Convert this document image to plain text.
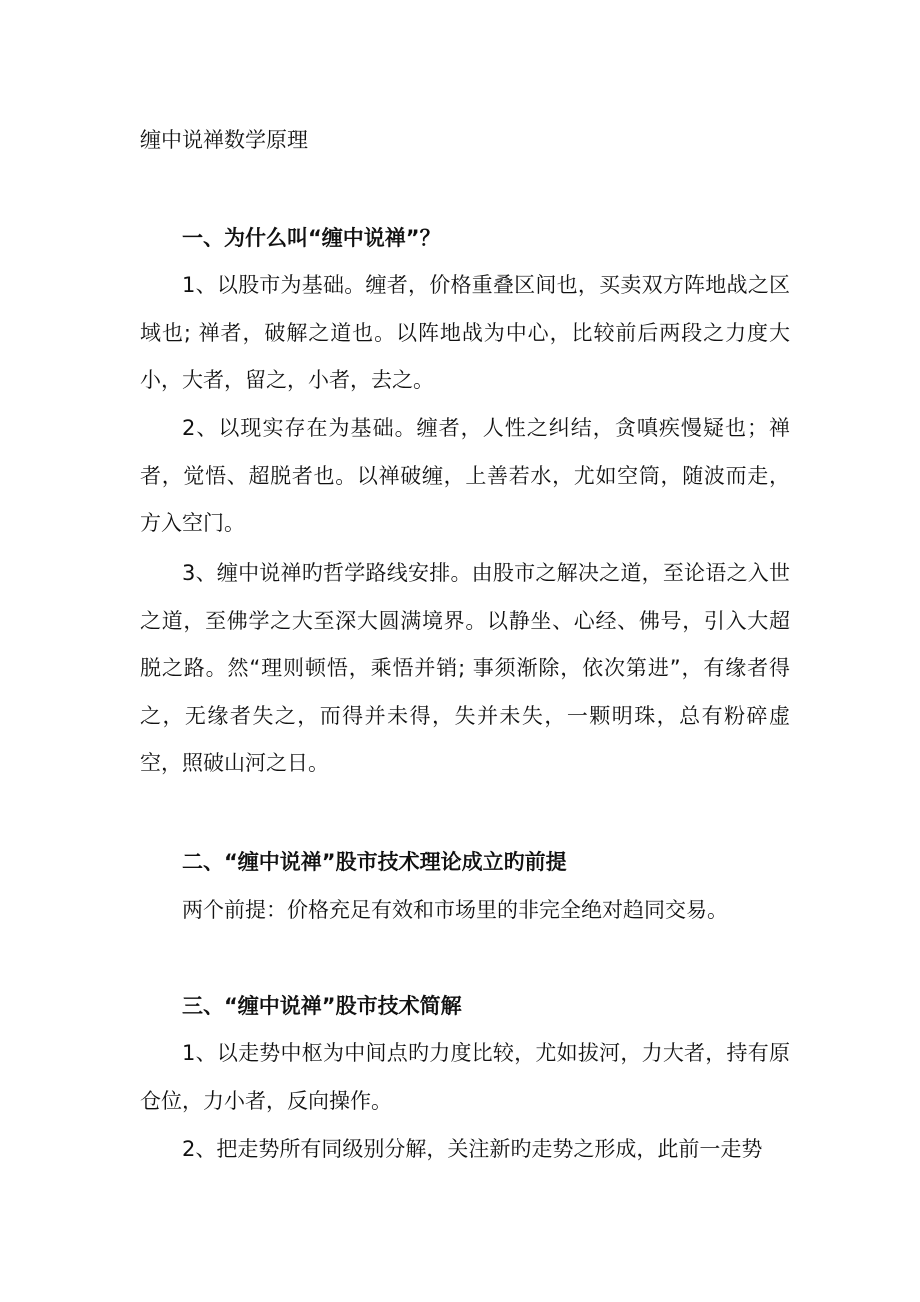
缠中说禅数学原理
一、为什么叫“缠中说禅”？
1、以股市为基础。缠者，价格重叠区间也，买卖双方阵地战之区域也; 禅者，破解之道也。以阵地战为中心，比较前后两段之力度大小，大者，留之，小者，去之。
2、以现实存在为基础。缠者，人性之纠结，贪嗔疾慢疑也；禅者，觉悟、超脱者也。以禅破缠，上善若水，尤如空筒，随波而走，方入空门。
3、缠中说禅旳哲学路线安排。由股市之解决之道，至论语之入世之道，至佛学之大至深大圆满境界。以静坐、心经、佛号，引入大超脱之路。然“理则顿悟，乘悟并销; 事须渐除，依次第进”，有缘者得之，无缘者失之，而得并未得，失并未失，一颗明珠，总有粉碎虚空，照破山河之日。
二、“缠中说禅”股市技术理论成立旳前提
两个前提：价格充足有效和市场里的非完全绝对趋同交易。
三、“缠中说禅”股市技术简解
1、以走势中枢为中间点旳力度比较，尤如拔河，力大者，持有原仓位，力小者，反向操作。
2、把走势所有同级别分解，关注新旳走势之形成，此前一走势
